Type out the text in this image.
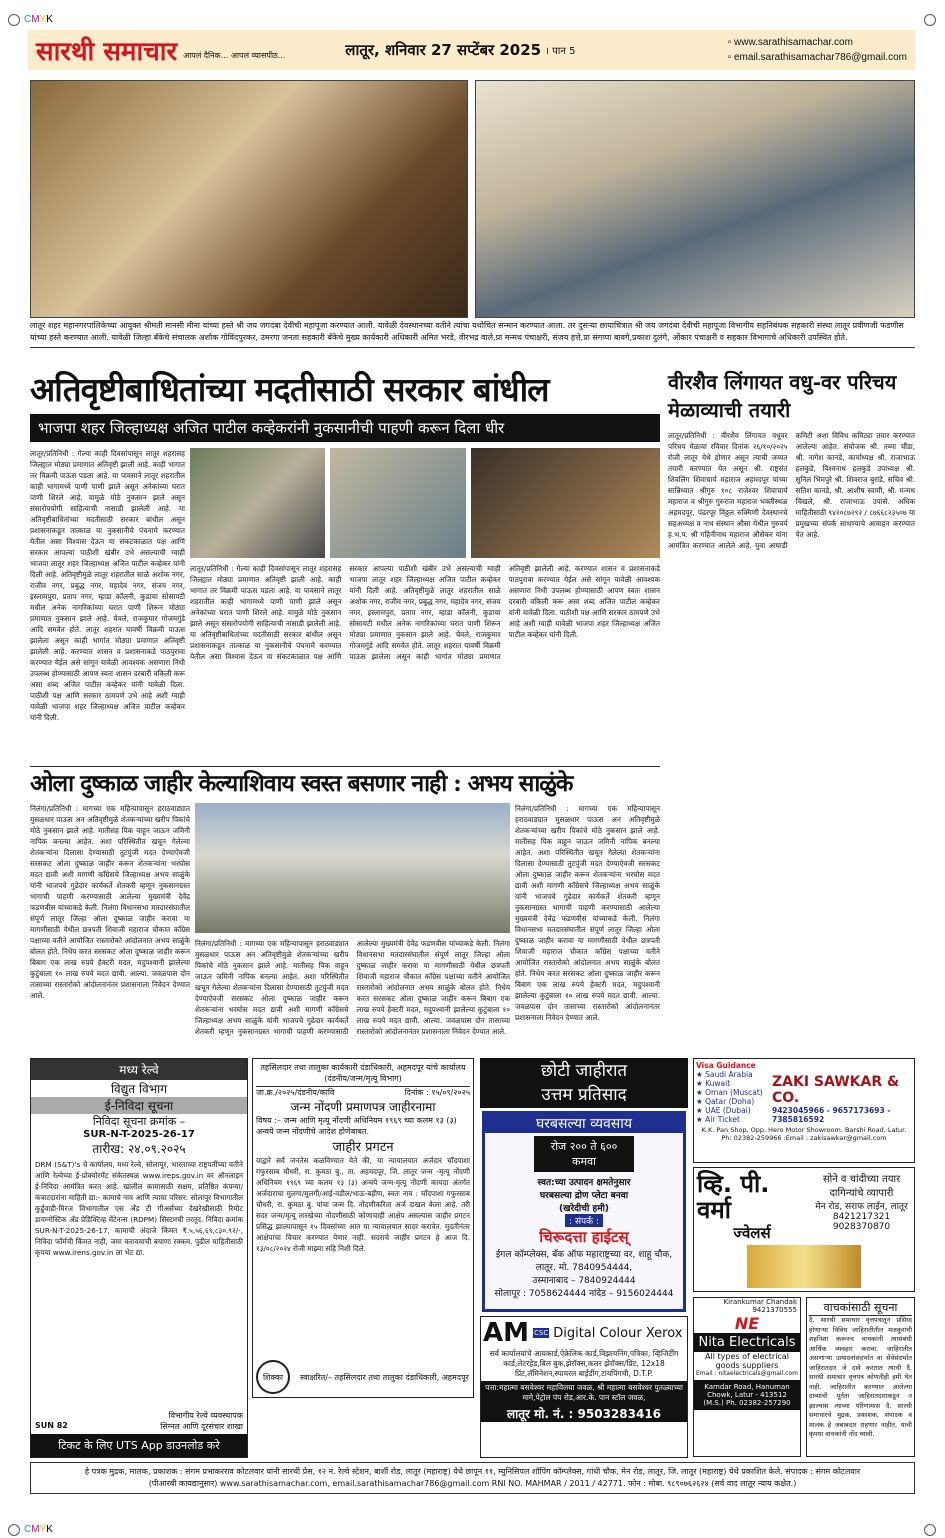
CMYK
सारथी समाचार आपलं दैनिक... आपलं व्यासपीठ...	लातूर, शनिवार 27 सप्टेंबर 2025 । पान 5
▫ www.sarathisamachar.com
▫ email.sarathisamachar786@gmail.com
लातूर शहर महानगरपालिकेच्या आयुक्त श्रीमती मानसी मीना यांच्या हस्ते श्री जय जगदंबा देवीची महापूजा करण्यात आली. यावेळी देवस्थानच्या वतीने त्यांचा यथोचित सन्मान करण्यात आला. तर दुसऱ्या छायाचित्रात श्री जय जगदंबा देवीची महापूजा विभागीय सहनिबंधक सहकारी संस्था लातूर प्रवीणजी फडणीस यांच्या हस्ते करण्यात आली. यावेळी जिल्हा बँकेचे संचालक अशोक गोविंदपुरकर, उमरगा जनता सहकारी बँकेचे मुख्य कार्यकारी अधिकारी अमित भरडे, वीरभद्र वाले,प्रा मन्मथ पंचाक्षरी, संजय हत्ते,प्रा संगप्पा बावगे,प्रकाश दुलंगे, ओंकार पंचाक्षरी व सहकार विभागाचे अधिकारी उपस्थित होते.
अतिवृष्टीबाधितांच्या मदतीसाठी सरकार बांधील
भाजपा शहर जिल्हाध्यक्ष अजित पाटील कव्हेकरांनी नुकसानीची पाहणी करून दिला धीर
लातूर/प्रतिनिधी : गेल्या काही दिवसांपासून लातूर शहरासह जिल्ह्यात मोठ्या प्रमाणात अतिवृष्टी झाली आहे. काही भागात तर विक्रमी पाऊस पडला आहे. या पावसाने लातूर शहरातील काही भागामध्ये पाणी पाणी झाले असून अनेकांच्या घरात पाणी शिरले आहे. यामुळे मोठे नुकसान झाले असून संसारोपयोगी साहित्याची नासाडी झालेली आहे. या अतिवृष्टीबाधितांच्या मदतीसाठी सरकार बांधील असून प्रशासनाकडून तात्काळ या नुकसानीचे पंचनामे करण्यात येतील असा विश्वास देऊन या संकटकाळात पक्ष आणि सरकार आपल्या पाठीशी खंबीर उभे असल्याची ग्वाही भाजपा लातूर शहर जिल्हाध्यक्ष अजित पाटील कव्हेकर यांनी दिली आहे. अतिवृष्टीमुळे लातूर शहरातील साळे अशोक नगर, राजीव नगर, प्रबुद्ध नगर, महादेव नगर, संजय नगर, इस्लामपुरा, प्रताप नगर, म्हाडा कॉलनी, कुडाचा सोसायटी मधील अनेक नागरिकांच्या घरात पाणी शिरून मोठ्या प्रमाणात नुकसान झाले आहे. चेवले, राजकुमार गोजमगुंडे आदि समवेत होते. लातूर शहरात यावर्षी विक्रमी पाऊस झालेला असून काही भागांत मोठ्या प्रमाणात अतिवृष्टी झालेली आहे. करण्यात शासन व प्रशासनाकडे पाठपुरावा करण्यात येईल असे सांगून यावेळी आवश्यक असणारा निधी उपलब्ध होण्यासाठी आपण स्वतः शासन दरबारी वकिली करू असा शब्द अजित पाटील कव्हेकर यांनी यावेळी दिला. पाठीशी पक्ष आणि सरकार ठामपणे उभे आहे अशी ग्वाही यावेळी भाजपा शहर जिल्हाध्यक्ष अजित पाटील कव्हेकर यांनी दिली.
लातूर/प्रतिनिधी : गेल्या काही दिवसांपासून लातूर शहरासह जिल्ह्यात मोठ्या प्रमाणात अतिवृष्टी झाली आहे. काही भागात तर विक्रमी पाऊस पडला आहे. या पावसाने लातूर शहरातील काही भागामध्ये पाणी पाणी झाले असून अनेकांच्या घरात पाणी शिरले आहे. यामुळे मोठे नुकसान झाले असून संसारोपयोगी साहित्याची नासाडी झालेली आहे. या अतिवृष्टीबाधितांच्या मदतीसाठी सरकार बांधील असून प्रशासनाकडून तात्काळ या नुकसानीचे पंचनामे करण्यात येतील असा विश्वास देऊन या संकटकाळात पक्ष आणि सरकार आपल्या पाठीशी खंबीर उभे असल्याची ग्वाही भाजपा लातूर शहर जिल्हाध्यक्ष अजित पाटील कव्हेकर यांनी दिली आहे. अतिवृष्टीमुळे लातूर शहरातील साळे अशोक नगर, राजीव नगर, प्रबुद्ध नगर, महादेव नगर, संजय नगर, इस्लामपुरा, प्रताप नगर, म्हाडा कॉलनी, कुडाचा सोसायटी मधील अनेक नागरिकांच्या घरात पाणी शिरून मोठ्या प्रमाणात नुकसान झाले आहे. चेवले, राजकुमार गोजमगुंडे आदि समवेत होते. लातूर शहरात यावर्षी विक्रमी पाऊस झालेला असून काही भागांत मोठ्या प्रमाणात अतिवृष्टी झालेली आहे. करण्यात शासन व प्रशासनाकडे पाठपुरावा करण्यात येईल असे सांगून यावेळी आवश्यक असणारा निधी उपलब्ध होण्यासाठी आपण स्वतः शासन दरबारी वकिली करू असा शब्द अजित पाटील कव्हेकर यांनी यावेळी दिला. पाठीशी पक्ष आणि सरकार ठामपणे उभे आहे अशी ग्वाही यावेळी भाजपा शहर जिल्हाध्यक्ष अजित पाटील कव्हेकर यांनी दिली.
वीरशैव लिंगायत वधु-वर परिचय मेळाव्याची तयारी
लातूर/प्रतिनिधी : वीरशैव लिंगायत वधूवर परिचय मेळावा रविवार दिनांक २६/१०/२०२५ रोजी लातूर येथे होणार असून त्याची जय्यत तयारी करण्यात येत असून श्री. राष्ट्रसंत शिवलिंग शिवाचार्य महाराज अहमदपूर यांच्या सान्निध्यात श्रीगुरु १०८ राजेश्वर शिवाचार्य महाराज व श्रीगुरु गुरुराज महाराज भक्तीस्थळ अहमदपूर, पंढरपूर विठ्ठल रुक्मिणी देवस्थानचे सहअध्यक्ष व नाथ संस्थान औसा येथील गुरुवर्य ह.भ.प. श्री गहिनीनाथ महाराज औसेकर यांना आमंत्रित करण्यात आलेले आहे. युवा आघाडी कमिटी अशा विविध कमिट्या तयार करण्यात आलेल्या आहेत. संयोजक श्री. तम्मा चौंडा, श्री. नागेश कानडे, कार्याध्यक्ष श्री. राजाभाऊ हलकुडे, विश्वनाथ हलकुडे उपाध्यक्ष श्री. सुनिल भिमपुरे श्री. शिवराज बुरांडे, सचिव श्री. सतिश कानडे, श्री. आशीष स्वामी, श्री. मन्मथ चिखले, श्री. राजाभाऊ उपासे. अधिक माहितीसाठी ९४२०८७२९२ / ८७६६८२३५०७ या प्रमुखच्या संपर्क साधण्याचे आवाहन करण्यात येत आहे.
ओला दुष्काळ जाहीर केल्याशिवाय स्वस्त बसणार नाही : अभय साळुंके
निलंगा/प्रतिनिधी : मागच्या एक महिन्यापासून हराठवाड्यात मुसळधार पाऊस अन अतिवृष्टीमुळे शेतकऱ्यांच्या खरीप पिकांचे मोठे नुकसान झाले आहे. मातीसह पिक वाहून जाऊन जमिनी नापिक बनल्या आहेत. अशा परिस्थितीत खचून गेलेल्या शेतकऱ्यांना दिलासा देण्यासाठी तुटपुंजी मदत देण्याऐवजी सरसकट ओला दुष्काळ जाहीर करून शेतकऱ्यांना भरघोस मदत द्यावी अशी मागणी काँग्रेसचे जिल्हाध्यक्ष अभय साळुंके यांनी भाजपचे गुढेदार कार्यकर्ते शेतकरी म्हणून नुकसानग्रस्त भागाची पाहणी करण्यासाठी आलेल्या मुख्यमंत्री देवेंद्र फडणवीस यांच्याकडे केली. निलंगा विधानसभा मतदारसंघातील संपूर्ण लातूर जिल्हा ओला दुष्काळ जाहीर करावा या मागणीसाठी येथील छत्रपती शिवाजी महाराज चौकात काँग्रेस पक्षाच्या वतीने आयोजित रास्तारोको आंदोलनात अभय साळुंके बोलत होते. निधेय करत सरसकट ओला दुष्काळ जाहीर करून बिबाग एक लाख रुपये हेक्टरी मदत, मदुपश्वानी झालेल्या कुटुंबाला १० लाख रुपये मदत द्यावी. आल्या. जवळपास दोन तासाच्या रास्तारोको आंदोलनानंतर प्रशासनाला निवेदन देण्यात आले.
निलंगा/प्रतिनिधी : मागच्या एक महिन्यापासून हराठवाड्यात मुसळधार पाऊस अन अतिवृष्टीमुळे शेतकऱ्यांच्या खरीप पिकांचे मोठे नुकसान झाले आहे. मातीसह पिक वाहून जाऊन जमिनी नापिक बनल्या आहेत. अशा परिस्थितीत खचून गेलेल्या शेतकऱ्यांना दिलासा देण्यासाठी तुटपुंजी मदत देण्याऐवजी सरसकट ओला दुष्काळ जाहीर करून शेतकऱ्यांना भरघोस मदत द्यावी अशी मागणी काँग्रेसचे जिल्हाध्यक्ष अभय साळुंके यांनी भाजपचे गुढेदार कार्यकर्ते शेतकरी म्हणून नुकसानग्रस्त भागाची पाहणी करण्यासाठी आलेल्या मुख्यमंत्री देवेंद्र फडणवीस यांच्याकडे केली. निलंगा विधानसभा मतदारसंघातील संपूर्ण लातूर जिल्हा ओला दुष्काळ जाहीर करावा या मागणीसाठी येथील छत्रपती शिवाजी महाराज चौकात काँग्रेस पक्षाच्या वतीने आयोजित रास्तारोको आंदोलनात अभय साळुंके बोलत होते. निधेय करत सरसकट ओला दुष्काळ जाहीर करून बिबाग एक लाख रुपये हेक्टरी मदत, मदुपश्वानी झालेल्या कुटुंबाला १० लाख रुपये मदत द्यावी. आल्या. जवळपास दोन तासाच्या रास्तारोको आंदोलनानंतर प्रशासनाला निवेदन देण्यात आले.
निलंगा/प्रतिनिधी : मागच्या एक महिन्यापासून हराठवाड्यात मुसळधार पाऊस अन अतिवृष्टीमुळे शेतकऱ्यांच्या खरीप पिकांचे मोठे नुकसान झाले आहे. मातीसह पिक वाहून जाऊन जमिनी नापिक बनल्या आहेत. अशा परिस्थितीत खचून गेलेल्या शेतकऱ्यांना दिलासा देण्यासाठी तुटपुंजी मदत देण्याऐवजी सरसकट ओला दुष्काळ जाहीर करून शेतकऱ्यांना भरघोस मदत द्यावी अशी मागणी काँग्रेसचे जिल्हाध्यक्ष अभय साळुंके यांनी भाजपचे गुढेदार कार्यकर्ते शेतकरी म्हणून नुकसानग्रस्त भागाची पाहणी करण्यासाठी आलेल्या मुख्यमंत्री देवेंद्र फडणवीस यांच्याकडे केली. निलंगा विधानसभा मतदारसंघातील संपूर्ण लातूर जिल्हा ओला दुष्काळ जाहीर करावा या मागणीसाठी येथील छत्रपती शिवाजी महाराज चौकात काँग्रेस पक्षाच्या वतीने आयोजित रास्तारोको आंदोलनात अभय साळुंके बोलत होते. निधेय करत सरसकट ओला दुष्काळ जाहीर करून बिबाग एक लाख रुपये हेक्टरी मदत, मदुपश्वानी झालेल्या कुटुंबाला १० लाख रुपये मदत द्यावी. आल्या. जवळपास दोन तासाच्या रास्तारोको आंदोलनानंतर प्रशासनाला निवेदन देण्यात आले.
मध्य रेल्वे
विद्युत विभाग
ई-निविदा सूचना
निविदा सूचना क्रमांक –
SUR-N-T-2025-26-17
तारीख: २४.०९.२०२५
DRM (S&T)'s चे कार्यालय, मध्य रेल्वे, सोलापूर, भारताच्या राष्ट्रपतींच्या वतीने आणि रेल्वेच्या ई-प्रोक्योरमेंट संकेतस्थळ www.ireps.gov.in वर ऑनलाइन ई-निविदा आमंत्रित करत आहे. खालील कामासाठी सक्षम, प्रतिष्ठित कंपन्या/कंत्राटदारांना माहिती द्या:- कामाचे नाव आणि त्याचा परिसर: सोलापूर विभागातील कुर्डुवाडी-मिरज विभागातील एस अँड टी गीअर्सच्या देखरेखीसाठी रिमोट डायग्नोस्टिक अँड प्रेडिक्टिव्ह मेंटेनन्स (RDPM) सिस्टमची तरतूद. निविदा क्रमांक SUR-N-T-2025-26-17, कामाची अंदाजे किंमत ₹.५,५६,६९,८३०.९२/-, निविदा फॉर्मची किंमत नाही, जमा करावयाची बयाणा रक्कम. पुढील माहितीसाठी कृपया www.irens.gov.in ला भेट द्या.
विभागीय रेल्वे व्यवस्थापक
SUN 82	सिग्नल आणि दूरसंचार शाखा
टिकट के लिए UTS App डाउनलोड करे
तहसिलदार तथा तालुका कार्यकारी दंडाधिकारी, अहमदपूर यांचे कार्यालय
(दंडनीय/जन्म/मृत्यू विभाग)
जा.क्र./२०२५/दंडनीय/कावि	दिनांक : १५/०९/२०२५
जन्म नोंदणी प्रमाणपत्र जाहीरनामा
विषय :– जन्म आणि मृत्यू नोंदणी अधिनियम १९६९ च्या कलम १३ (३) अन्वये जन्म नोंदणीचे आदेश होणेबाबत.
जाहीर प्रगटन
याद्वारे सर्व जनतेस कळविण्यात येते की, या न्यायालयात अर्जदार चाँदपाशा गफुरसाब चौधरी, रा. कुमठा बु., ता. अहमदपूर, जि. लातूर जन्म -मृत्यू नोंदणी अधिनियम १९६९ च्या कलम १३ (३) अन्वये जन्म-मृत्यू नोंदणी कायदा अंतर्गत अर्जदाराचा मुलगा/मुलगी/आई-वडील/भाऊ-बहीण, स्वतः नाव : चाँदपाशा गफुरसाब चौधरी, रा. कुमठा बु. यांचा जन्म दि. नोंदणीकरिता अर्ज दाखल केला आहे. तरी सदर जन्म/मृत्यू तारखेच्या नोंदणीसाठी कोणाचाही आक्षेप असल्यास जाहीर प्रगटन प्रसिद्ध झाल्यापासून १५ दिवसांच्या आत या न्यायालयात सादर करावेत. मुदतीनंतर आक्षेपाचा विचार करण्यात येणार नाही. सदराचे जाहीर प्रगटन हे आज दि. १३/०८/२०२४ रोजी माझ्या सहि निशी दिले.
शिक्का	स्वाक्षरित/– तहसिलदार तथा तालुका दंडाधिकारी, अहमदपूर
छोटी जाहीरात
उत्तम प्रतिसाद
घरबसल्या व्यवसाय
रोज २०० ते ६०० कमवा
स्वत:च्या उत्पादन क्षमतेनुसार
घरबसल्या द्रोण प्लेटा बनवा
(खरेदीची हमी)
: संपर्क :
चिरूदत्ता हाईटस्
ईगल कॉम्प्लेक्स, बँक ऑफ महाराष्ट्रच्या वर, शाहू चौक, लातूर. मो. 7840954444,
उस्मानाबाद – 7840924444
सोलापूर : 7058624444 नांदेड – 9156024444
AM CSC Digital Colour Xerox
सर्व कार्यालयांचे आयकार्ड,ऐक्रेलिक कार्ड,विझायनिंग,पत्रिका, व्हिजिटींग कार्ड,लेटरहेड,बिल बुक,झेरॉक्स,कलर झेरॉक्स/प्रिंट, 12x18 प्रिंट,लॅमिनेशन,स्पायरल बाईंडींग,टायपिंगची, D.T.P.
पत्ता:महात्मा बसवेश्वर महाविलया जवळ, श्री महात्मा बसवेश्वर पुतळ्याच्या मागे,पेट्रोल पंप रोड,आर.के. पान स्टॉल जवळ,
लातूर मो. नं. : 9503283416
Visa Guidance
★ Saudi Arabia
★ Kuwait
★ Oman (Muscat)
★ Qatar (Doha)
★ UAE (Dubai)
★ Air Ticket
ZAKI SAWKAR & CO.
9423045966 - 9657173693 - 7385816592
K.K. Pan Shop, Opp. Hero Motor Showroom, Barshi Road, Latur.
Ph: 02382-259966 :Email : zakisawkar@gmail.com
व्हि. पी. वर्मा
ज्वेलर्स
सोने व चांदीच्या तयार
दागिन्यांचे व्यापारी
मेन रोड, सराफ लाईन, लातूर
8421217321
9028370870
Kirankumar Chandak
9421370555
NE
Nita Electricals
All types of electrical goods suppliers
Email : nitaelectricals@gmail.com
Kamdar Road, Hanuman Chowk, Latur - 413512 (M.S.) Ph. 02382-257290
वाचकांसाठी सूचना
दै. सारथी समाचार वृत्तपत्रातून प्रसिध्द होणाऱ्या विविध जाहिरातीतील मजकुरांची शहनिशा करूनच वाचकांनी त्यासंबंधी आर्थिक व्यवहार करावा. जाहिरातीत असणाऱ्या उत्पादनांसंदर्भात वा सेवेसंदर्भात जाहिरातदार जे दावे करतात त्याची दै. सारथी समाचार वृत्तपत्र कोणतीही हमी घेत नाही. जाहिरातीत करण्यात आलेल्या दाव्यांची पूर्तता जाहिरातदाराकडून न झाल्यास त्याच्या परिणामास दै. सारथी समाचारचे मुद्रक, प्रकाशक, संपादक व मालक हे जबाबदार राहणार नाहीत, याची कृपया वाचकांनी नोंद घ्यावी.
हे पत्रक मुद्रक, मालक, प्रकाशक : संगम प्रभाकरराव कोटलवार यांनी सारथी प्रेस, १२ नं. रेल्वे स्टेशन, बार्शी रोड, लातूर (महाराष्ट्र) येथे छापून ११, म्युनिसिपल शॉपिंग कॉम्प्लेक्स, गांधी चौक, मेन रोड, लातूर, जि. लातूर (महाराष्ट्र) येथे प्रकाशित केले. संपादक : संगम कोटलवार
(पीआरबी कायद्यानुसार) www.sarathisamachar.com, email.sarathisamachar786@gmail.com RNI NO. MAHMAR / 2011 / 42771. फोन : मोबा. ९८९०७६२६२४ (सर्व वाद लातूर न्याय कक्षेत.)
CMYK
